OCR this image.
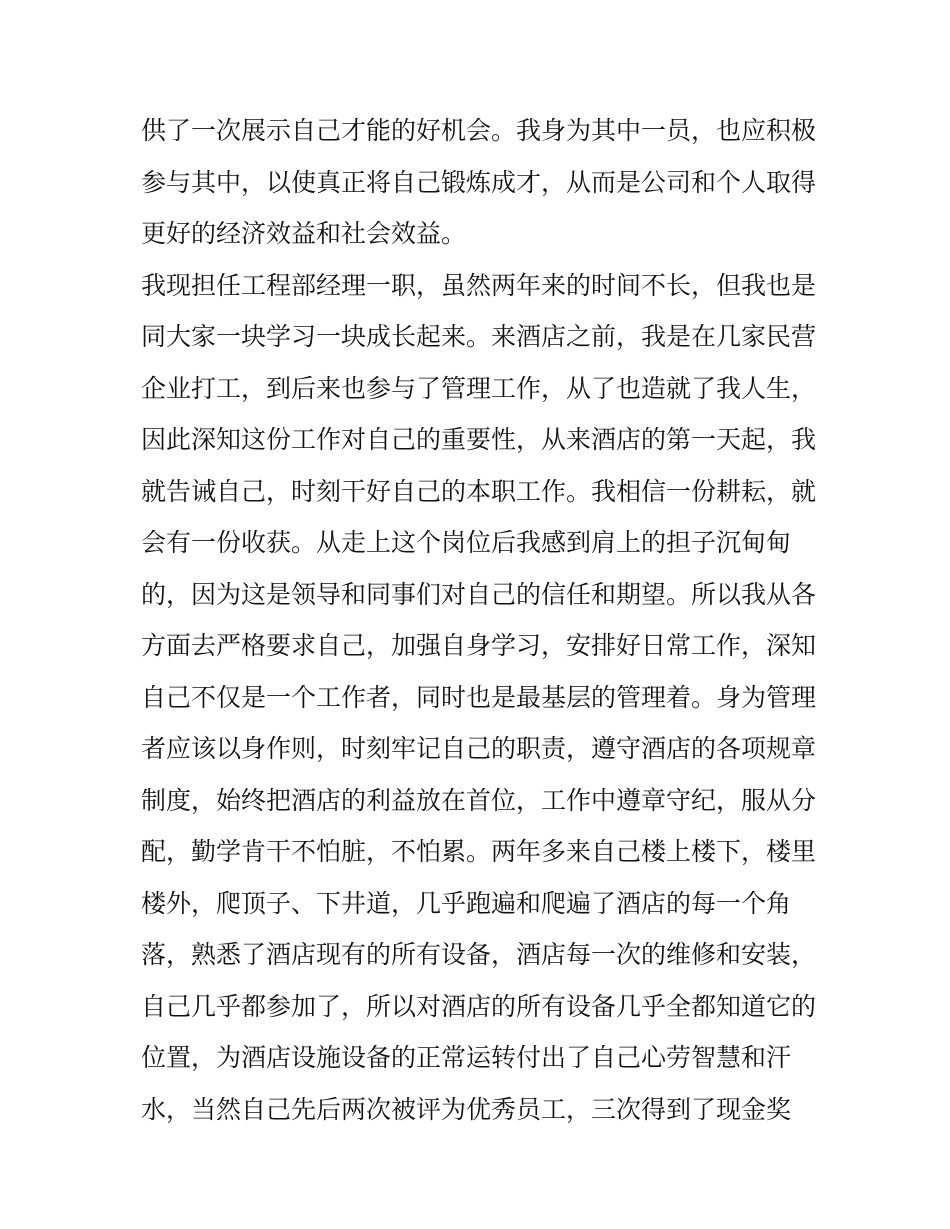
供了一次展示自己才能的好机会。我身为其中一员，也应积极
参与其中，以使真正将自己锻炼成才，从而是公司和个人取得
更好的经济效益和社会效益。
我现担任工程部经理一职，虽然两年来的时间不长，但我也是
同大家一块学习一块成长起来。来酒店之前，我是在几家民营
企业打工，到后来也参与了管理工作，从了也造就了我人生，
因此深知这份工作对自己的重要性，从来酒店的第一天起，我
就告诫自己，时刻干好自己的本职工作。我相信一份耕耘，就
会有一份收获。从走上这个岗位后我感到肩上的担子沉甸甸
的，因为这是领导和同事们对自己的信任和期望。所以我从各
方面去严格要求自己，加强自身学习，安排好日常工作，深知
自己不仅是一个工作者，同时也是最基层的管理着。身为管理
者应该以身作则，时刻牢记自己的职责，遵守酒店的各项规章
制度，始终把酒店的利益放在首位，工作中遵章守纪，服从分
配，勤学肯干不怕脏，不怕累。两年多来自己楼上楼下，楼里
楼外，爬顶子、下井道，几乎跑遍和爬遍了酒店的每一个角
落，熟悉了酒店现有的所有设备，酒店每一次的维修和安装，
自己几乎都参加了，所以对酒店的所有设备几乎全都知道它的
位置，为酒店设施设备的正常运转付出了自己心劳智慧和汗
水，当然自己先后两次被评为优秀员工，三次得到了现金奖
